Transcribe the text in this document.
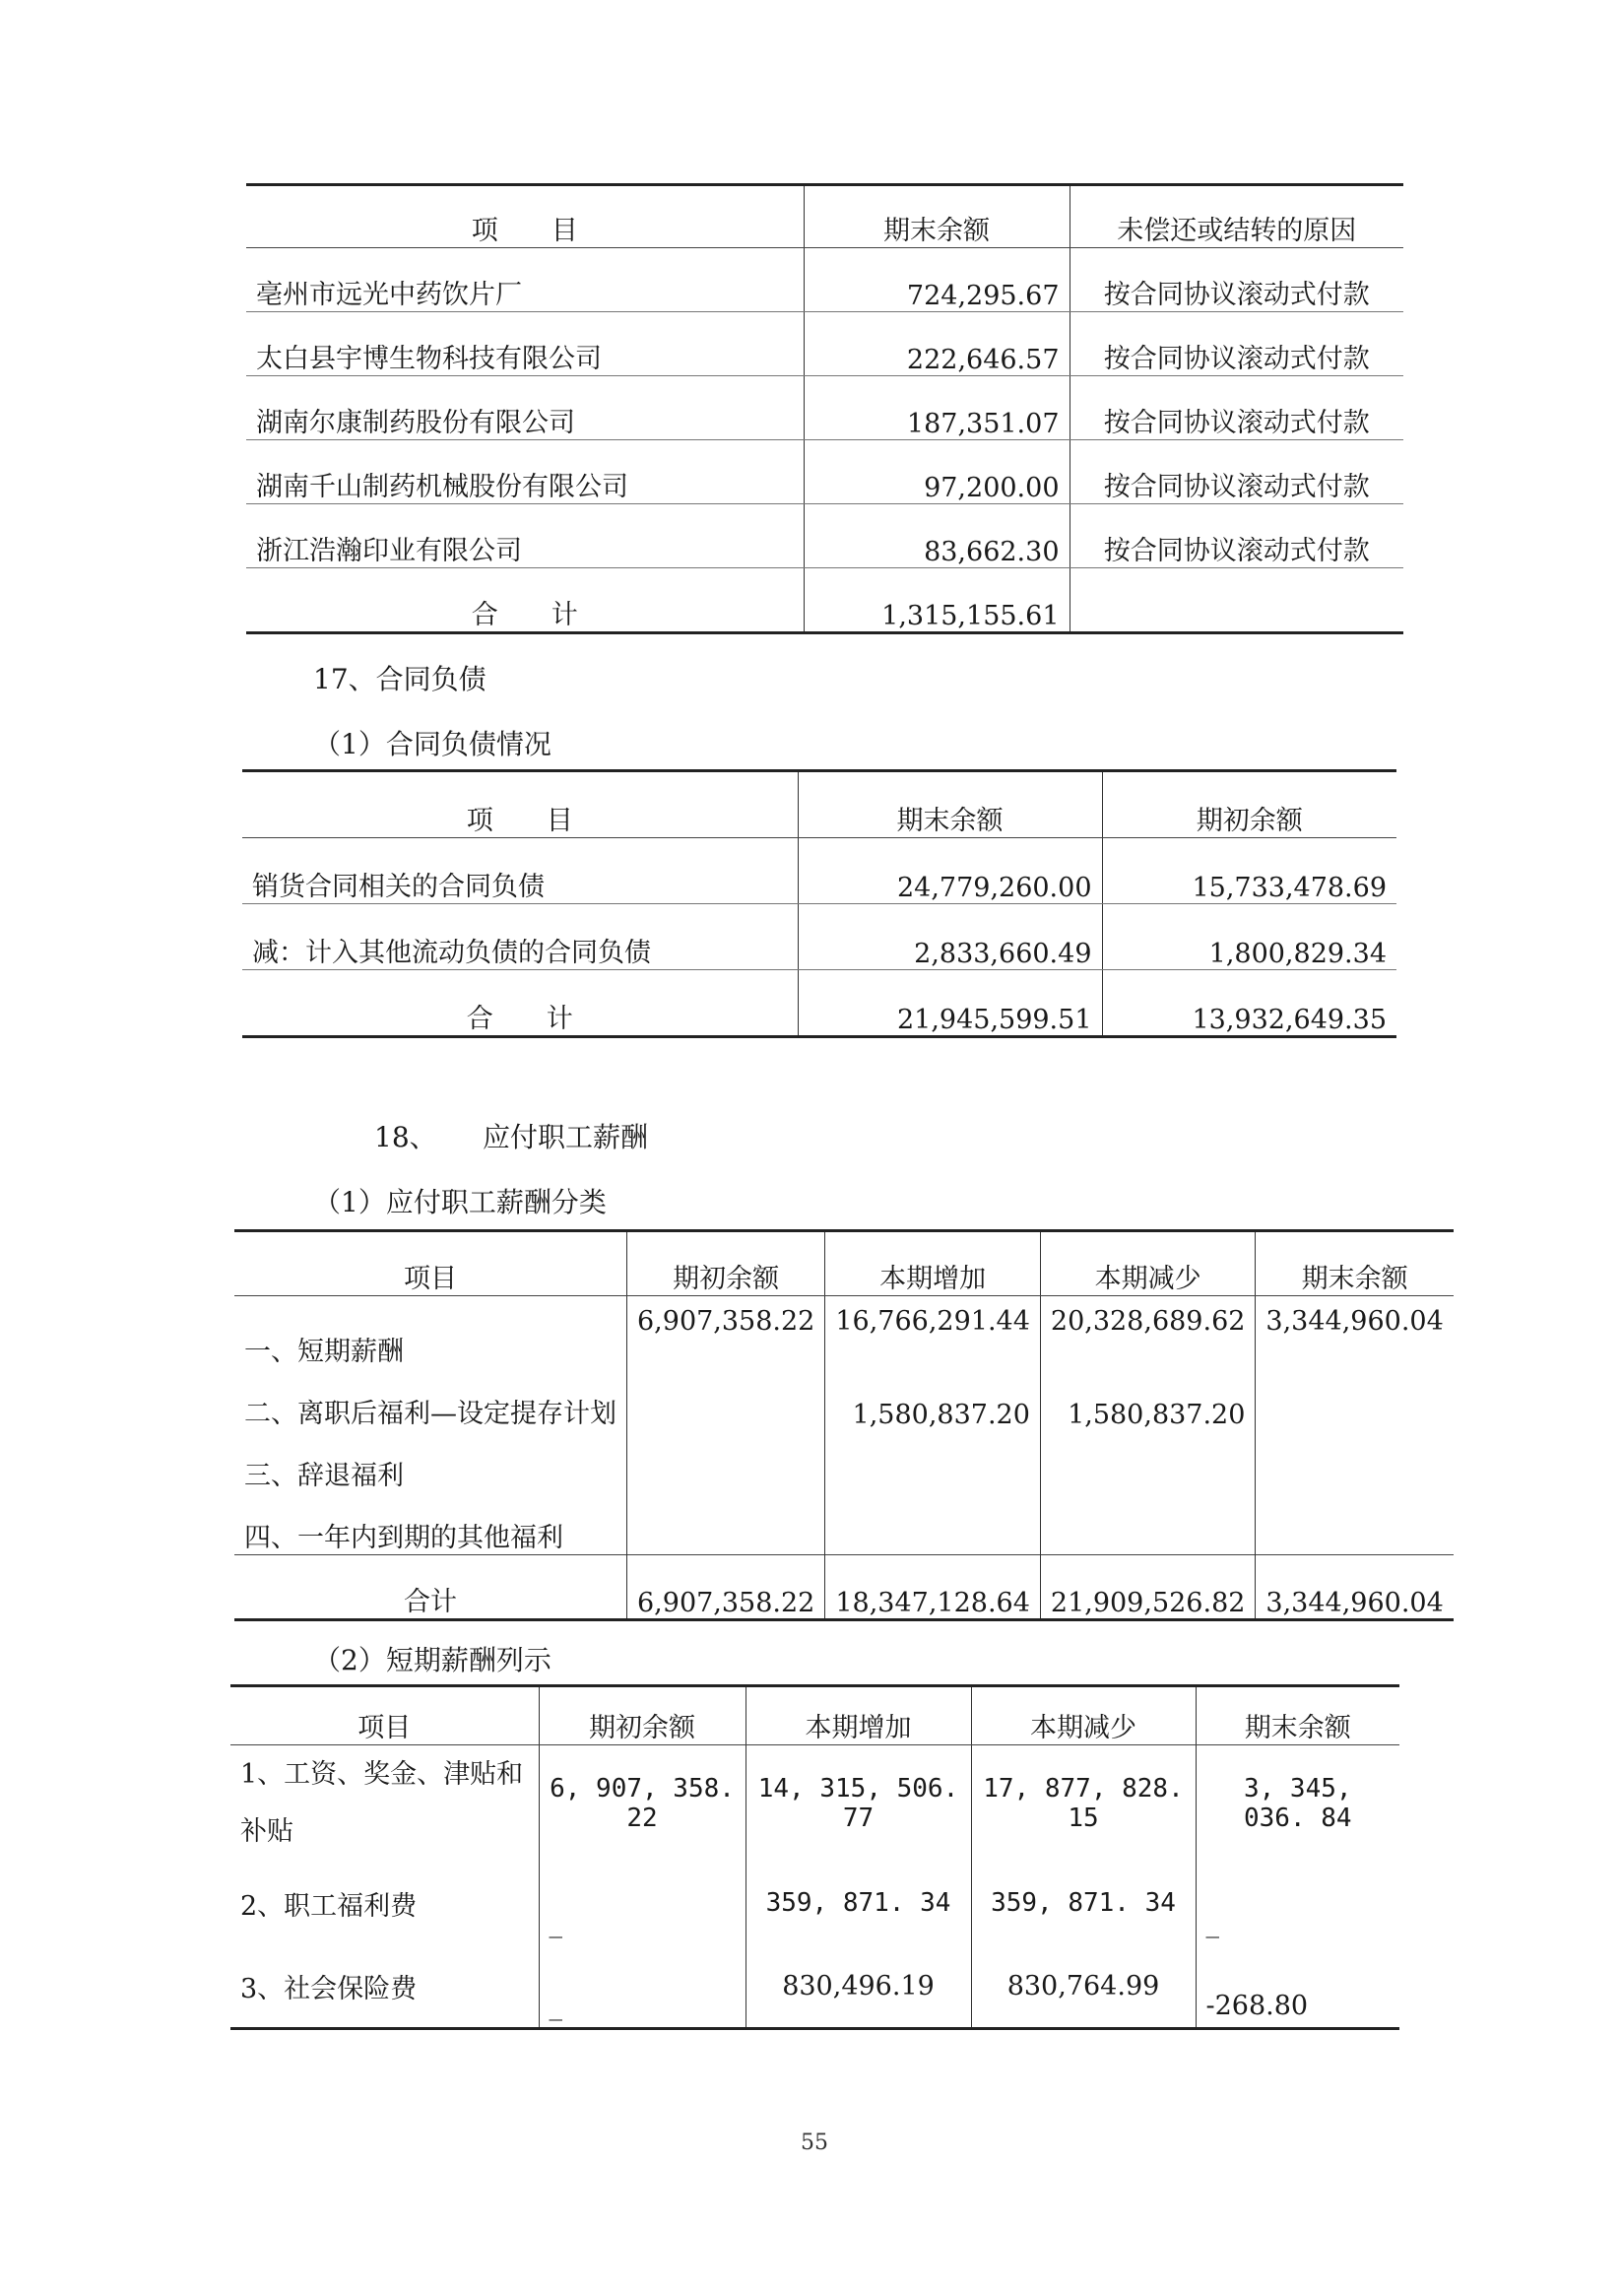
项　　目	期末余额	未偿还或结转的原因
亳州市远光中药饮片厂	724,295.67	按合同协议滚动式付款
太白县宇博生物科技有限公司	222,646.57	按合同协议滚动式付款
湖南尔康制药股份有限公司	187,351.07	按合同协议滚动式付款
湖南千山制药机械股份有限公司	97,200.00	按合同协议滚动式付款
浙江浩瀚印业有限公司	83,662.30	按合同协议滚动式付款
合　　计	1,315,155.61	
17、合同负债
（1）合同负债情况
项　　目	期末余额	期初余额
销货合同相关的合同负债	24,779,260.00	15,733,478.69
减：计入其他流动负债的合同负债	2,833,660.49	1,800,829.34
合　　计	21,945,599.51	13,932,649.35
18、 应付职工薪酬
（1）应付职工薪酬分类
项目	期初余额	本期增加	本期减少	期末余额
一、短期薪酬	6,907,358.22	16,766,291.44	20,328,689.62	3,344,960.04
二、离职后福利—设定提存计划		1,580,837.20	1,580,837.20	
三、辞退福利				
四、一年内到期的其他福利				
合计	6,907,358.22	18,347,128.64	21,909,526.82	3,344,960.04
（2）短期薪酬列示
项目	期初余额	本期增加	本期减少	期末余额
1、工资、奖金、津贴和补贴	6, 907, 358. 22	14, 315, 506. 77	17, 877, 828. 15	3, 345, 036. 84
2、职工福利费	_	359, 871. 34	359, 871. 34	_
3、社会保险费	_	830,496.19	830,764.99	-268.80
55
